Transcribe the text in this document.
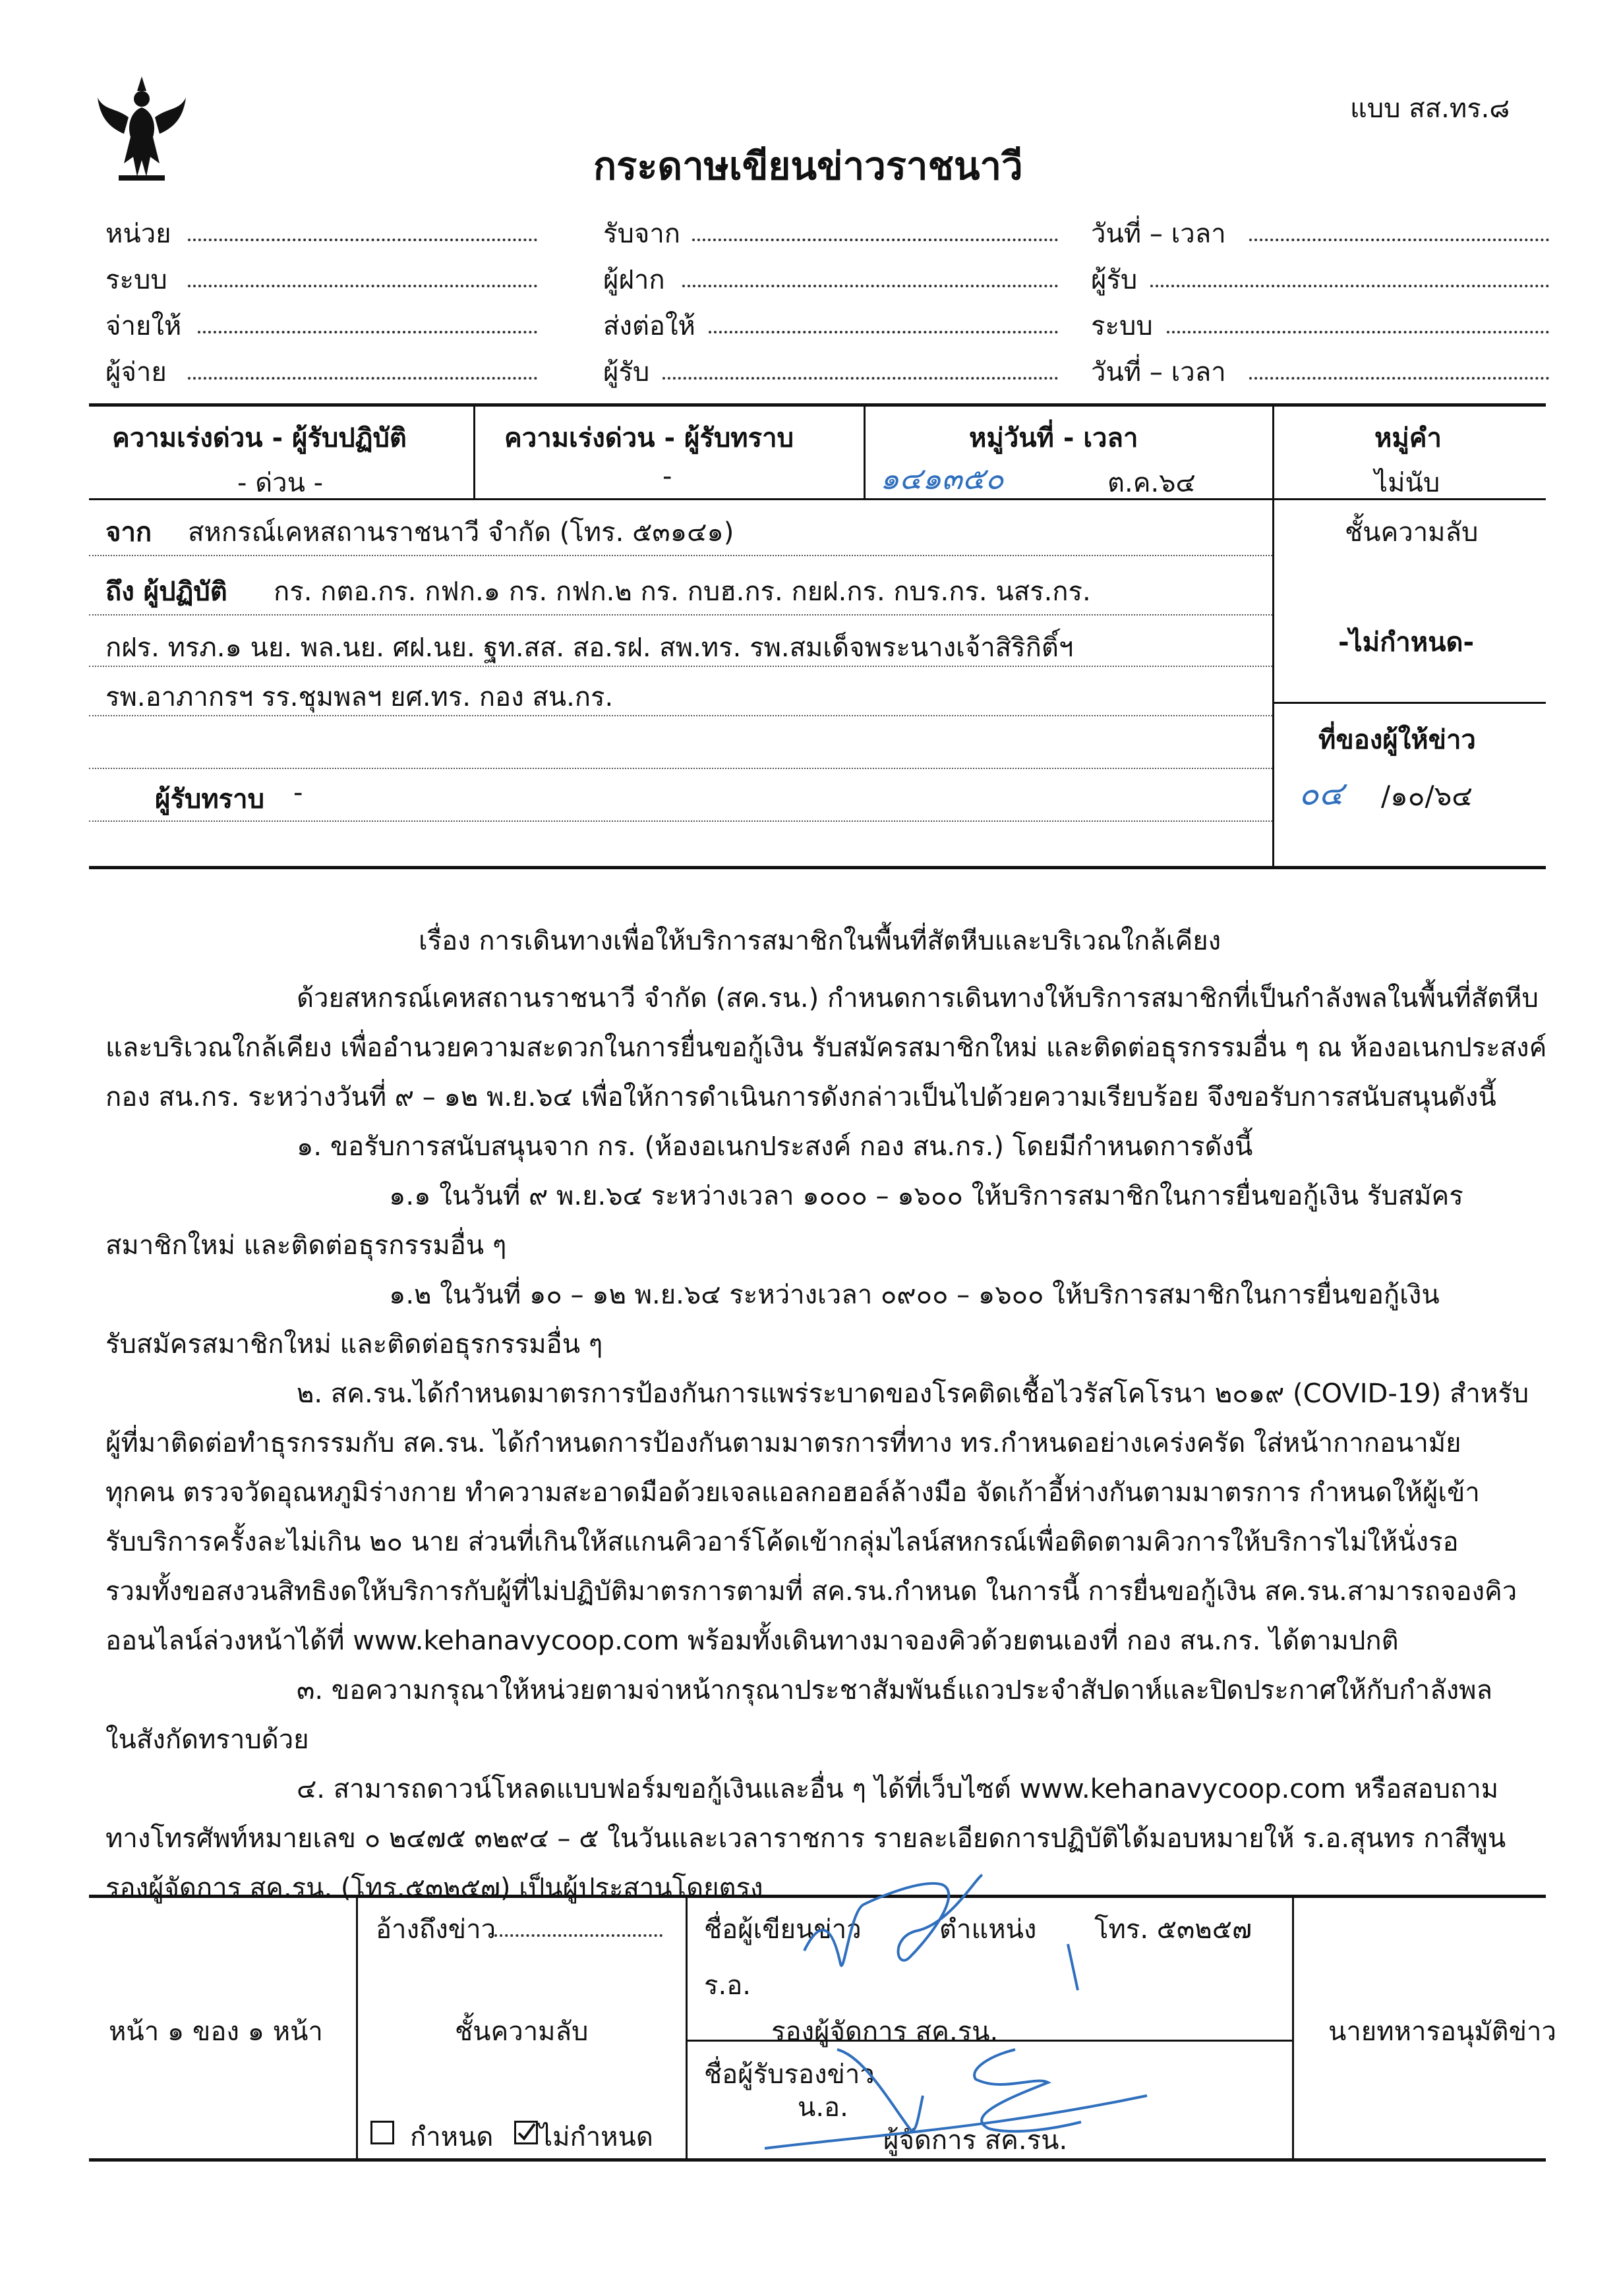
แบบ สส.ทร.๘
กระดาษเขียนข่าวราชนาวี
หน่วย
ระบบ
จ่ายให้
ผู้จ่าย
รับจาก
ผู้ฝาก
ส่งต่อให้
ผู้รับ
วันที่ – เวลา
ผู้รับ
ระบบ
วันที่ – เวลา
ความเร่งด่วน - ผู้รับปฏิบัติ
- ด่วน -
ความเร่งด่วน - ผู้รับทราบ
-
หมู่วันที่ - เวลา
๑๔๑๓๕๐	ต.ค.๖๔
หมู่คำ
ไม่นับ
จาก สหกรณ์เคหสถานราชนาวี จำกัด (โทร. ๕๓๑๔๑)
ถึง ผู้ปฏิบัติ กร. กตอ.กร. กฟก.๑ กร. กฟก.๒ กร. กบฮ.กร. กยฝ.กร. กบร.กร. นสร.กร.
กฝร. ทรภ.๑ นย. พล.นย. ศฝ.นย. ฐท.สส. สอ.รฝ. สพ.ทร. รพ.สมเด็จพระนางเจ้าสิริกิติ์ฯ
รพ.อาภากรฯ รร.ชุมพลฯ ยศ.ทร. กอง สน.กร.
ผู้รับทราบ -
ชั้นความลับ
-ไม่กำหนด-
ที่ของผู้ให้ข่าว
๐๔ /๑๐/๖๔
เรื่อง การเดินทางเพื่อให้บริการสมาชิกในพื้นที่สัตหีบและบริเวณใกล้เคียง
ด้วยสหกรณ์เคหสถานราชนาวี จำกัด (สค.รน.) กำหนดการเดินทางให้บริการสมาชิกที่เป็นกำลังพลในพื้นที่สัตหีบ
และบริเวณใกล้เคียง เพื่ออำนวยความสะดวกในการยื่นขอกู้เงิน รับสมัครสมาชิกใหม่ และติดต่อธุรกรรมอื่น ๆ ณ ห้องอเนกประสงค์
กอง สน.กร. ระหว่างวันที่ ๙ – ๑๒ พ.ย.๖๔ เพื่อให้การดำเนินการดังกล่าวเป็นไปด้วยความเรียบร้อย จึงขอรับการสนับสนุนดังนี้
๑. ขอรับการสนับสนุนจาก กร. (ห้องอเนกประสงค์ กอง สน.กร.) โดยมีกำหนดการดังนี้
๑.๑ ในวันที่ ๙ พ.ย.๖๔ ระหว่างเวลา ๑๐๐๐ – ๑๖๐๐ ให้บริการสมาชิกในการยื่นขอกู้เงิน รับสมัคร
สมาชิกใหม่ และติดต่อธุรกรรมอื่น ๆ
๑.๒ ในวันที่ ๑๐ – ๑๒ พ.ย.๖๔ ระหว่างเวลา ๐๙๐๐ – ๑๖๐๐ ให้บริการสมาชิกในการยื่นขอกู้เงิน
รับสมัครสมาชิกใหม่ และติดต่อธุรกรรมอื่น ๆ
๒. สค.รน.ได้กำหนดมาตรการป้องกันการแพร่ระบาดของโรคติดเชื้อไวรัสโคโรนา ๒๐๑๙ (COVID-19) สำหรับ
ผู้ที่มาติดต่อทำธุรกรรมกับ สค.รน. ได้กำหนดการป้องกันตามมาตรการที่ทาง ทร.กำหนดอย่างเคร่งครัด ใส่หน้ากากอนามัย
ทุกคน ตรวจวัดอุณหภูมิร่างกาย ทำความสะอาดมือด้วยเจลแอลกอฮอล์ล้างมือ จัดเก้าอี้ห่างกันตามมาตรการ กำหนดให้ผู้เข้า
รับบริการครั้งละไม่เกิน ๒๐ นาย ส่วนที่เกินให้สแกนคิวอาร์โค้ดเข้ากลุ่มไลน์สหกรณ์เพื่อติดตามคิวการให้บริการไม่ให้นั่งรอ
รวมทั้งขอสงวนสิทธิงดให้บริการกับผู้ที่ไม่ปฏิบัติมาตรการตามที่ สค.รน.กำหนด ในการนี้ การยื่นขอกู้เงิน สค.รน.สามารถจองคิว
ออนไลน์ล่วงหน้าได้ที่ www.kehanavycoop.com พร้อมทั้งเดินทางมาจองคิวด้วยตนเองที่ กอง สน.กร. ได้ตามปกติ
๓. ขอความกรุณาให้หน่วยตามจ่าหน้ากรุณาประชาสัมพันธ์แถวประจำสัปดาห์และปิดประกาศให้กับกำลังพล
ในสังกัดทราบด้วย
๔. สามารถดาวน์โหลดแบบฟอร์มขอกู้เงินและอื่น ๆ ได้ที่เว็บไซต์ www.kehanavycoop.com หรือสอบถาม
ทางโทรศัพท์หมายเลข ๐ ๒๔๗๕ ๓๒๙๔ – ๕ ในวันและเวลาราชการ รายละเอียดการปฏิบัติได้มอบหมายให้ ร.อ.สุนทร กาสีพูน
รองผู้จัดการ สค.รน. (โทร.๕๓๒๕๗) เป็นผู้ประสานโดยตรง
หน้า ๑ ของ ๑ หน้า
อ้างถึงข่าว
ชั้นความลับ
กำหนด ไม่กำหนด
ชื่อผู้เขียนข่าว	ตำแหน่ง โทร. ๕๓๒๕๗
ร.อ.
รองผู้จัดการ สค.รน.
ชื่อผู้รับรองข่าว
น.อ.
ผู้จัดการ สค.รน.
นายทหารอนุมัติข่าว
